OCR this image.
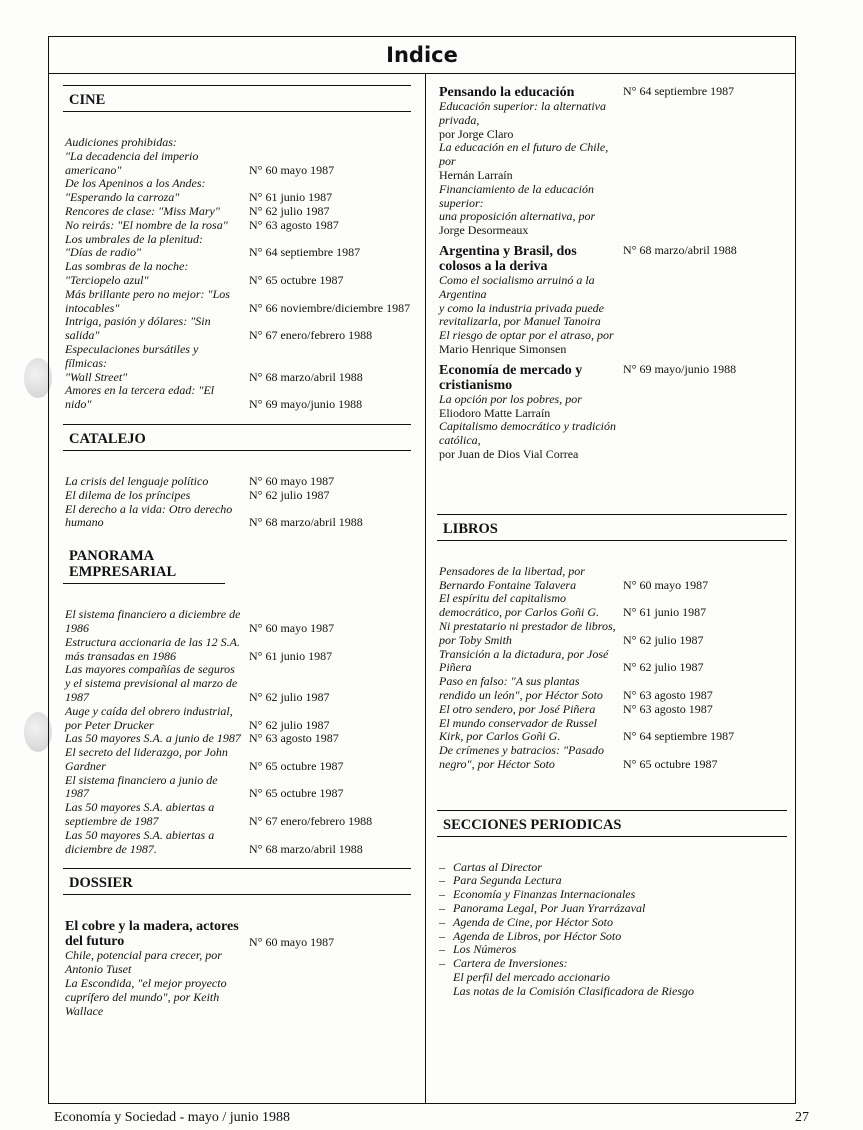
Indice
CINE
Audiciones prohibidas:
"La decadencia del imperio americano"	N° 60 mayo 1987
De los Apeninos a los Andes:
"Esperando la carroza"	N° 61 junio 1987
Rencores de clase: "Miss Mary"	N° 62 julio 1987
No reirás: "El nombre de la rosa"	N° 63 agosto 1987
Los umbrales de la plenitud:
"Días de radio"	N° 64 septiembre 1987
Las sombras de la noche: "Terciopelo azul"	N° 65 octubre 1987
Más brillante pero no mejor: "Los intocables"	N° 66 noviembre/diciembre 1987
Intriga, pasión y dólares: "Sin salida"	N° 67 enero/febrero 1988
Especulaciones bursátiles y fílmicas:
"Wall Street"	N° 68 marzo/abril 1988
Amores en la tercera edad: "El nido"	N° 69 mayo/junio 1988
CATALEJO
La crisis del lenguaje político	N° 60 mayo 1987
El dilema de los príncipes	N° 62 julio 1987
El derecho a la vida: Otro derecho humano	N° 68 marzo/abril 1988
PANORAMA EMPRESARIAL
El sistema financiero a diciembre de 1986	N° 60 mayo 1987
Estructura accionaria de las 12 S.A. más transadas en 1986	N° 61 junio 1987
Las mayores compañías de seguros y el sistema previsional al marzo de 1987	N° 62 julio 1987
Auge y caída del obrero industrial,
por Peter Drucker	N° 62 julio 1987
Las 50 mayores S.A. a junio de 1987 N° 63 agosto 1987
El secreto del liderazgo, por John Gardner	N° 65 octubre 1987
El sistema financiero a junio de 1987	N° 65 octubre 1987
Las 50 mayores S.A. abiertas a septiembre de 1987	N° 67 enero/febrero 1988
Las 50 mayores S.A. abiertas a diciembre de 1987.	N° 68 marzo/abril 1988
DOSSIER
El cobre y la madera, actores del futuro	N° 60 mayo 1987
Chile, potencial para crecer, por Antonio Tuset
La Escondida, "el mejor proyecto cuprífero del mundo", por Keith Wallace
Pensando la educación	N° 64 septiembre 1987
Educación superior: la alternativa privada,
por Jorge Claro
La educación en el futuro de Chile, por
Hernán Larraín
Financiamiento de la educación superior:
una proposición alternativa, por
Jorge Desormeaux
Argentina y Brasil, dos colosos a la deriva
N° 68 marzo/abril 1988
Como el socialismo arruinó a la Argentina
y como la industria privada puede revitalizarla, por Manuel Tanoira
El riesgo de optar por el atraso, por
Mario Henrique Simonsen
Economía de mercado y cristianismo
N° 69 mayo/junio 1988
La opción por los pobres, por
Eliodoro Matte Larraín
Capitalismo democrático y tradición católica,
por Juan de Dios Vial Correa
LIBROS
Pensadores de la libertad, por Bernardo Fontaine Talavera	N° 60 mayo 1987
El espíritu del capitalismo democrático, por Carlos Goñi G.	N° 61 junio 1987
Ni prestatario ni prestador de libros, por Toby Smith	N° 62 julio 1987
Transición a la dictadura, por José Piñera	N° 62 julio 1987
Paso en falso: "A sus plantas rendido un león", por Héctor Soto	N° 63 agosto 1987
El otro sendero, por José Piñera	N° 63 agosto 1987
El mundo conservador de Russel Kirk, por Carlos Goñi G.	N° 64 septiembre 1987
De crímenes y batracios: "Pasado negro", por Héctor Soto	N° 65 octubre 1987
SECCIONES PERIODICAS
– Cartas al Director
– Para Segunda Lectura
– Economía y Finanzas Internacionales
– Panorama Legal, Por Juan Yrarrázaval
– Agenda de Cine, por Héctor Soto
– Agenda de Libros, por Héctor Soto
– Los Números
– Cartera de Inversiones:
El perfil del mercado accionario
Las notas de la Comisión Clasificadora de Riesgo
Economía y Sociedad - mayo / junio 1988	27
